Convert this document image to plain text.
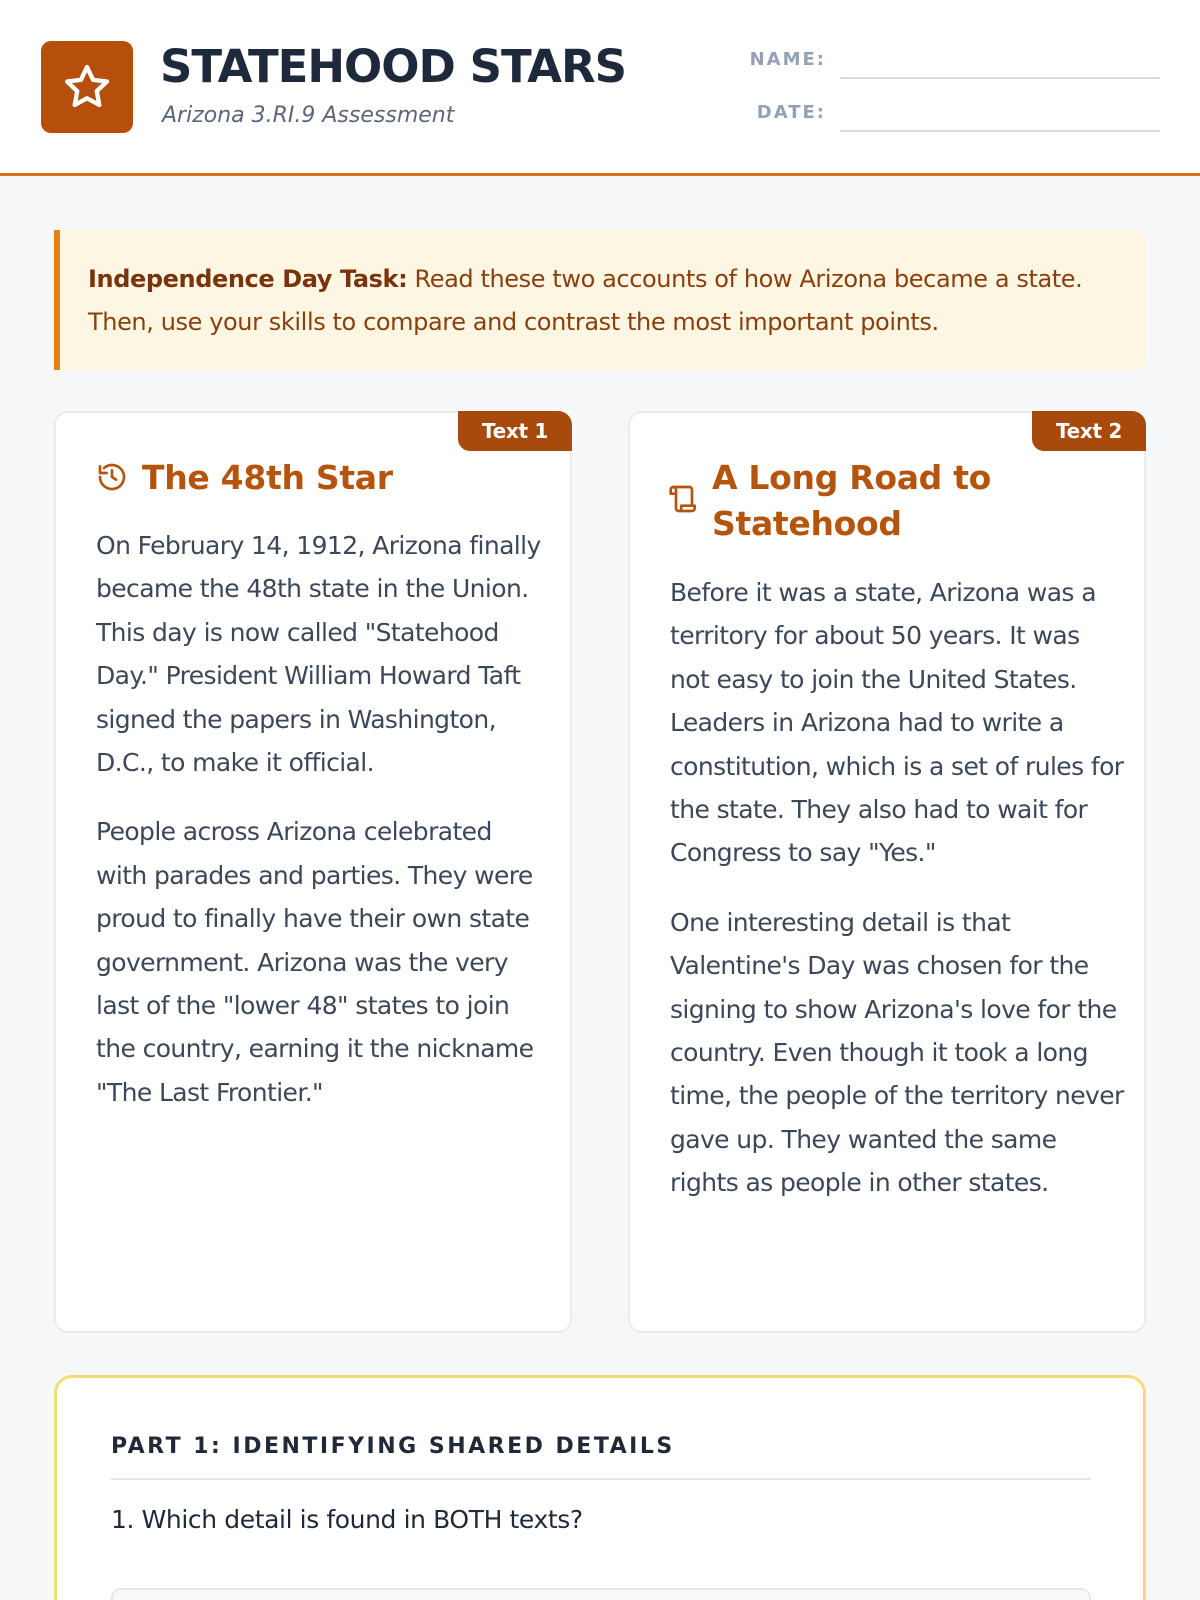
STATEHOOD STARS
Arizona 3.RI.9 Assessment
NAME:
DATE:
Independence Day Task: Read these two accounts of how Arizona became a state. Then, use your skills to compare and contrast the most important points.
Text 1
The 48th Star

On February 14, 1912, Arizona finally became the 48th state in the Union. This day is now called "Statehood Day." President William Howard Taft signed the papers in Washington, D.C., to make it official.

People across Arizona celebrated with parades and parties. They were proud to finally have their own state government. Arizona was the very last of the "lower 48" states to join the country, earning it the nickname "The Last Frontier."

Text 2
A Long Road to Statehood

Before it was a state, Arizona was a territory for about 50 years. It was not easy to join the United States. Leaders in Arizona had to write a constitution, which is a set of rules for the state. They also had to wait for Congress to say "Yes."

One interesting detail is that Valentine's Day was chosen for the signing to show Arizona's love for the country. Even though it took a long time, the people of the territory never gave up. They wanted the same rights as people in other states.

PART 1: IDENTIFYING SHARED DETAILS
1. Which detail is found in BOTH texts?
